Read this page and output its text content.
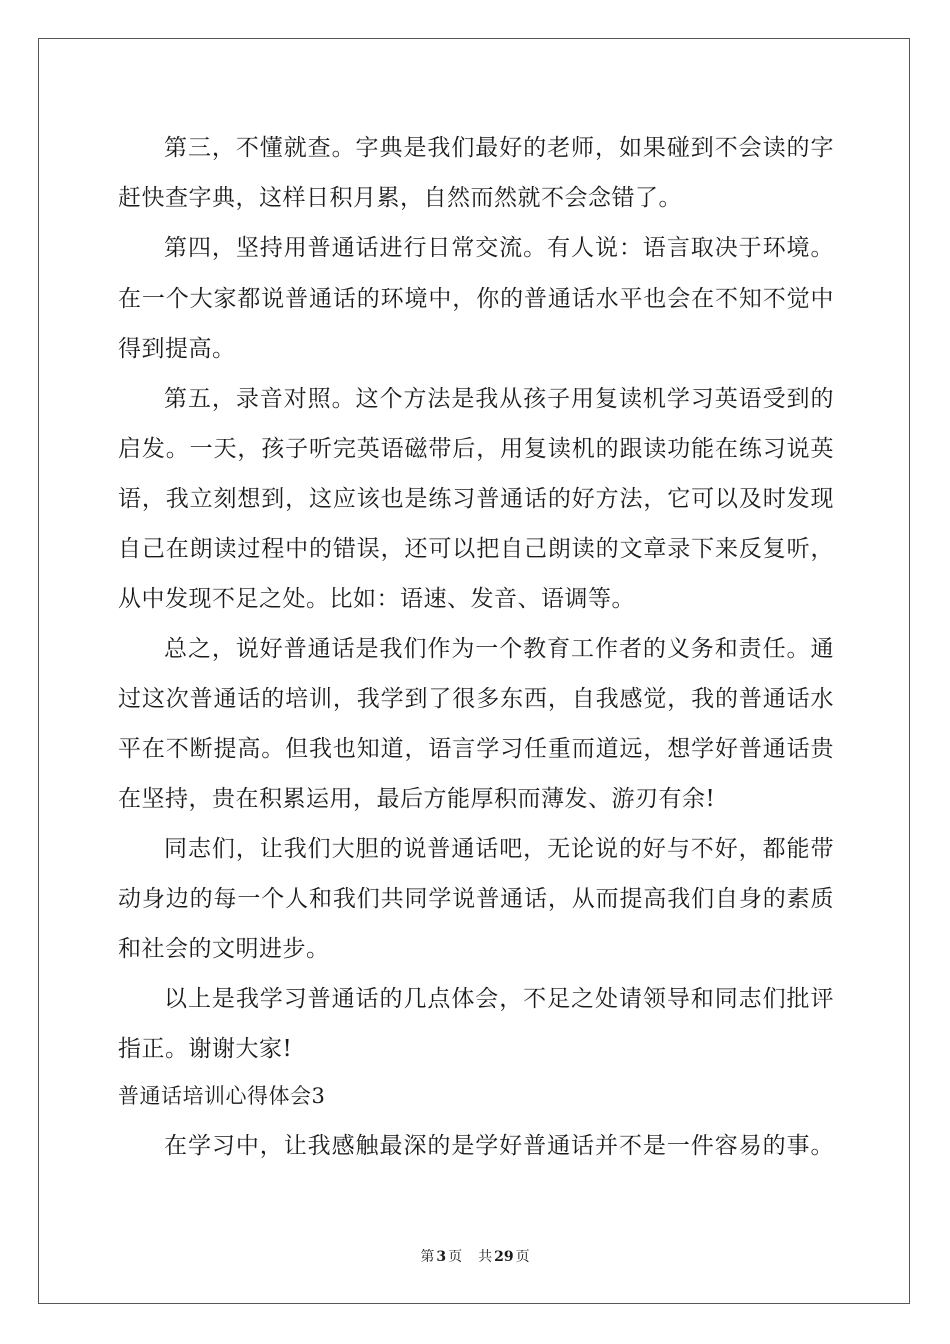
第三，不懂就查。字典是我们最好的老师，如果碰到不会读的字

赶快查字典，这样日积月累，自然而然就不会念错了。

第四，坚持用普通话进行日常交流。有人说：语言取决于环境。

在一个大家都说普通话的环境中，你的普通话水平也会在不知不觉中

得到提高。

第五，录音对照。这个方法是我从孩子用复读机学习英语受到的

启发。一天，孩子听完英语磁带后，用复读机的跟读功能在练习说英

语，我立刻想到，这应该也是练习普通话的好方法，它可以及时发现

自己在朗读过程中的错误，还可以把自己朗读的文章录下来反复听，

从中发现不足之处。比如：语速、发音、语调等。

总之，说好普通话是我们作为一个教育工作者的义务和责任。通

过这次普通话的培训，我学到了很多东西，自我感觉，我的普通话水

平在不断提高。但我也知道，语言学习任重而道远，想学好普通话贵

在坚持，贵在积累运用，最后方能厚积而薄发、游刃有余!

同志们，让我们大胆的说普通话吧，无论说的好与不好，都能带

动身边的每一个人和我们共同学说普通话，从而提高我们自身的素质

和社会的文明进步。

以上是我学习普通话的几点体会，不足之处请领导和同志们批评

指正。谢谢大家!

普通话培训心得体会3

在学习中，让我感触最深的是学好普通话并不是一件容易的事。

第 3 页 共 29 页
